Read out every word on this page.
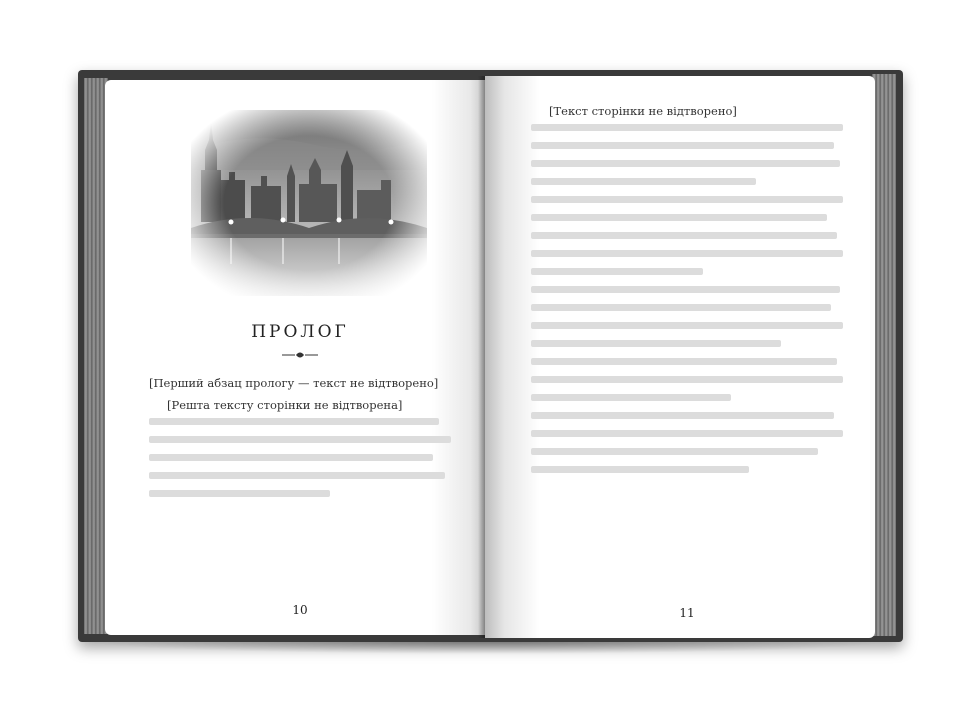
ПРОЛОГ

[Перший абзац прологу — текст не відтворено]

[Решта тексту сторінки не відтворена]

10

[Текст сторінки не відтворено]

11
